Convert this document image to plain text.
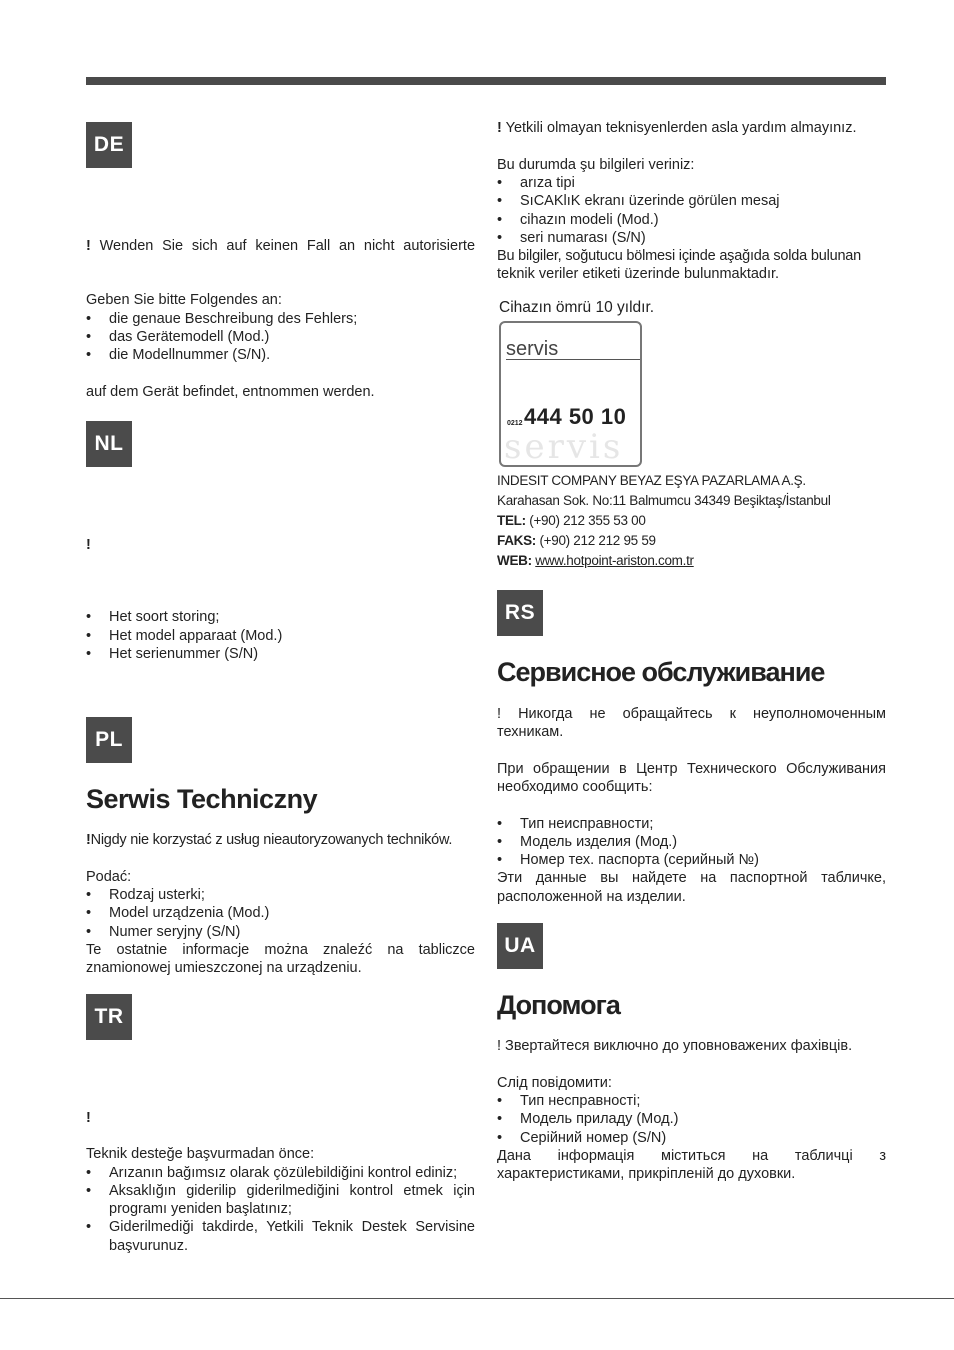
DE
! Wenden Sie sich auf keinen Fall an nicht autorisierte
Geben Sie bitte Folgendes an:
• die genaue Beschreibung des Fehlers;
• das Gerätemodell (Mod.)
• die Modellnummer (S/N).
auf dem Gerät befindet, entnommen werden.
NL
!
• Het soort storing;
• Het model apparaat (Mod.)
• Het serienummer (S/N)
PL
Serwis Techniczny
!Nigdy nie korzystać z usług nieautoryzowanych techników.
Podać:
• Rodzaj usterki;
• Model urządzenia (Mod.)
• Numer seryjny (S/N)
Te ostatnie informacje można znaleźć na tabliczce
znamionowej umieszczonej na urządzeniu.
TR
!
Teknik desteğe başvurmadan önce:
• Arızanın bağımsız olarak çözülebildiğini kontrol ediniz;
• Aksaklığın giderilip giderilmediğini kontrol etmek için
programı yeniden başlatınız;
• Giderilmediği takdirde, Yetkili Teknik Destek Servisine
başvurunuz.
! Yetkili olmayan teknisyenlerden asla yardım almayınız.
Bu durumda şu bilgileri veriniz:
• arıza tipi
• SıCAKlıK ekranı üzerinde görülen mesaj
• cihazın modeli (Mod.)
• seri numarası (S/N)
Bu bilgiler, soğutucu bölmesi içinde aşağıda solda bulunan
teknik veriler etiketi üzerinde bulunmaktadır.
Cihazın ömrü 10 yıldır.
servis
0212 444 50 10
servis
INDESIT COMPANY BEYAZ EŞYA PAZARLAMA A.Ş.
Karahasan Sok. No:11 Balmumcu 34349 Beşiktaş/İstanbul
TEL: (+90) 212 355 53 00
FAKS: (+90) 212 212 95 59
WEB: www.hotpoint-ariston.com.tr
RS
Сервисное обслуживание
! Никогда не обращайтесь к неуполномоченным
техникам.
При обращении в Центр Технического Обслуживания
необходимо сообщить:
• Тип неисправности;
• Модель изделия (Мод.)
• Номер тех. паспорта (серийный №)
Эти данные вы найдете на паспортной табличке,
расположенной на изделии.
UA
Допомога
! Звертайтеся виключно до уповноважених фахівців.
Слід повідомити:
• Тип несправності;
• Модель приладу (Мод.)
• Серійний номер (S/N)
Дана інформація міститься на табличці з
характеристиками, прикріпленій до духовки.
